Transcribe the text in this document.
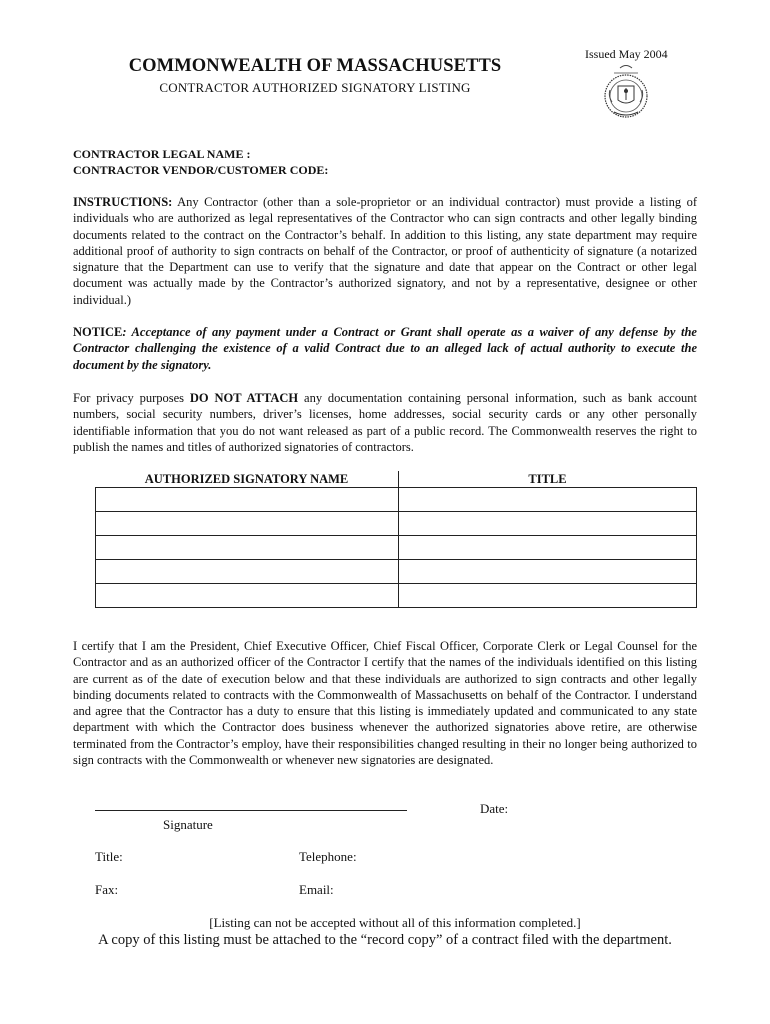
Issued May 2004
COMMONWEALTH OF MASSACHUSETTS
CONTRACTOR AUTHORIZED SIGNATORY LISTING
CONTRACTOR LEGAL NAME :
CONTRACTOR VENDOR/CUSTOMER CODE:
INSTRUCTIONS: Any Contractor (other than a sole-proprietor or an individual contractor) must provide a listing of individuals who are authorized as legal representatives of the Contractor who can sign contracts and other legally binding documents related to the contract on the Contractor’s behalf. In addition to this listing, any state department may require additional proof of authority to sign contracts on behalf of the Contractor, or proof of authenticity of signature (a notarized signature that the Department can use to verify that the signature and date that appear on the Contract or other legal document was actually made by the Contractor’s authorized signatory, and not by a representative, designee or other individual.)
NOTICE: Acceptance of any payment under a Contract or Grant shall operate as a waiver of any defense by the Contractor challenging the existence of a valid Contract due to an alleged lack of actual authority to execute the document by the signatory.
For privacy purposes DO NOT ATTACH any documentation containing personal information, such as bank account numbers, social security numbers, driver’s licenses, home addresses, social security cards or any other personally identifiable information that you do not want released as part of a public record. The Commonwealth reserves the right to publish the names and titles of authorized signatories of contractors.
AUTHORIZED SIGNATORY NAME	TITLE

I certify that I am the President, Chief Executive Officer, Chief Fiscal Officer, Corporate Clerk or Legal Counsel for the Contractor and as an authorized officer of the Contractor I certify that the names of the individuals identified on this listing are current as of the date of execution below and that these individuals are authorized to sign contracts and other legally binding documents related to contracts with the Commonwealth of Massachusetts on behalf of the Contractor. I understand and agree that the Contractor has a duty to ensure that this listing is immediately updated and communicated to any state department with which the Contractor does business whenever the authorized signatories above retire, are otherwise terminated from the Contractor’s employ, have their responsibilities changed resulting in their no longer being authorized to sign contracts with the Commonwealth or whenever new signatories are designated.
Signature
Date:
Title:	Telephone:
Fax:	Email:
[Listing can not be accepted without all of this information completed.]
A copy of this listing must be attached to the “record copy” of a contract filed with the department.
